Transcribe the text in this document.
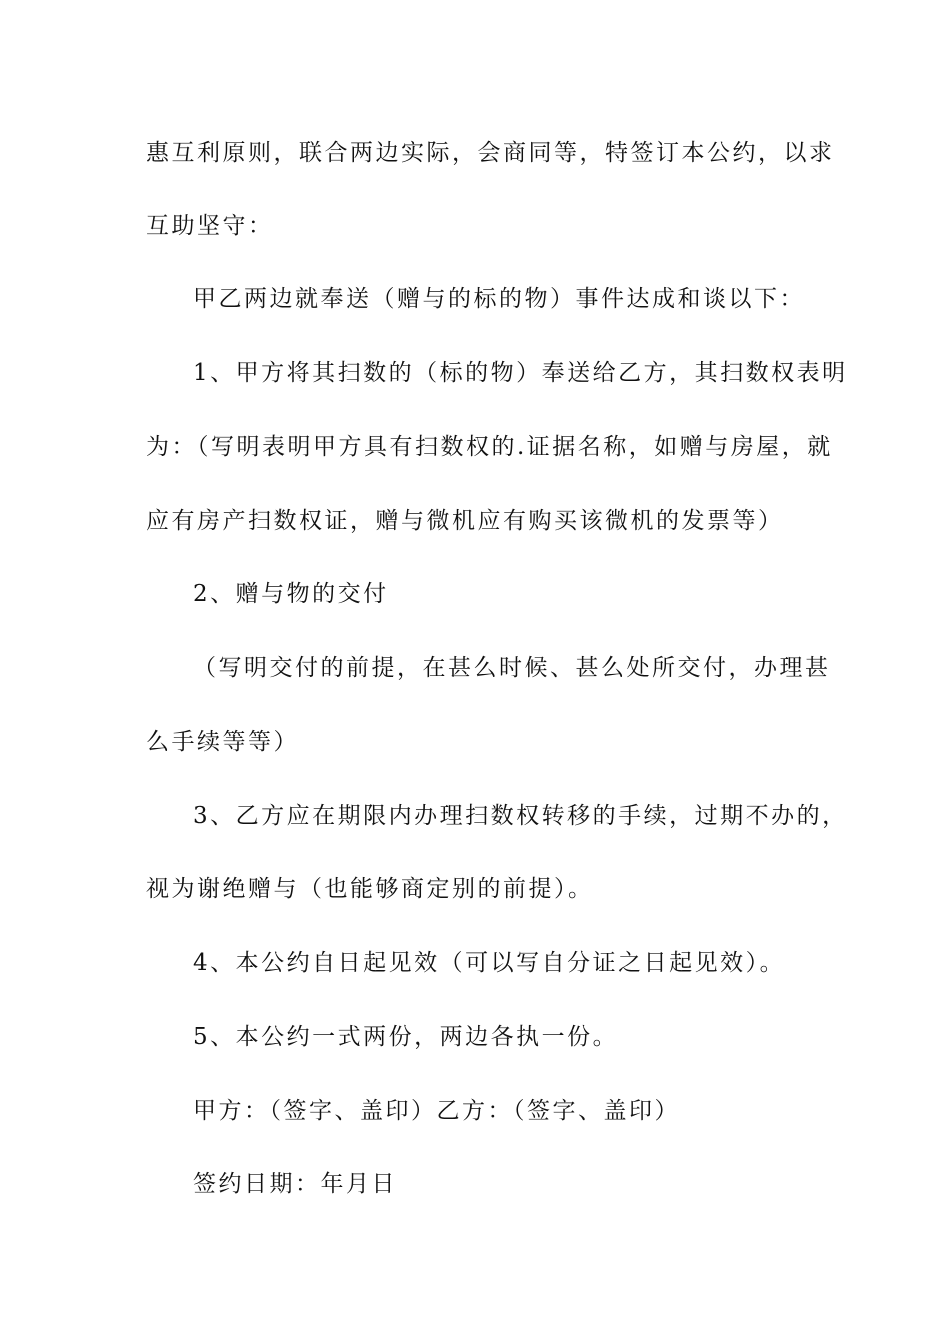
惠互利原则，联合两边实际，会商同等，特签订本公约，以求
互助坚守：
甲乙两边就奉送（赠与的标的物）事件达成和谈以下：
1、甲方将其扫数的（标的物）奉送给乙方，其扫数权表明
为：（写明表明甲方具有扫数权的.证据名称，如赠与房屋，就
应有房产扫数权证，赠与微机应有购买该微机的发票等）
2、赠与物的交付
（写明交付的前提，在甚么时候、甚么处所交付，办理甚
么手续等等）
3、乙方应在期限内办理扫数权转移的手续，过期不办的，
视为谢绝赠与（也能够商定别的前提）。
4、本公约自日起见效（可以写自分证之日起见效）。
5、本公约一式两份，两边各执一份。
甲方：（签字、盖印）乙方：（签字、盖印）
签约日期：年月日
